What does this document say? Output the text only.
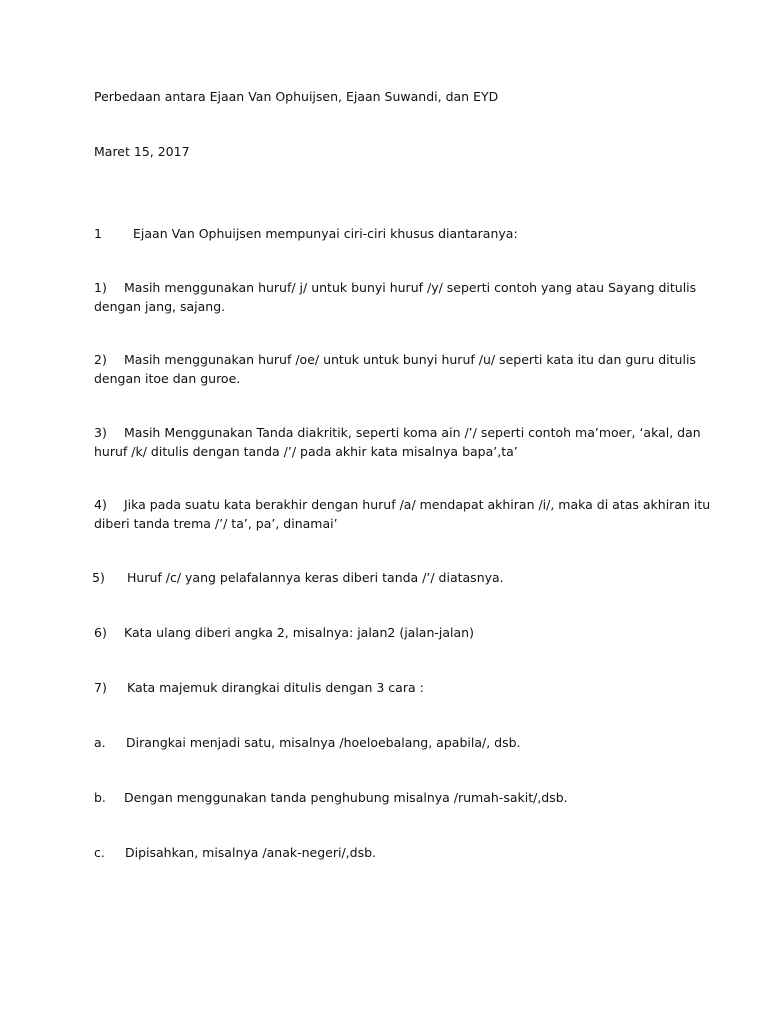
Perbedaan antara Ejaan Van Ophuijsen, Ejaan Suwandi, dan EYD
Maret 15, 2017
1 Ejaan Van Ophuijsen mempunyai ciri-ciri khusus diantaranya:
1) Masih menggunakan huruf/ j/ untuk bunyi huruf /y/ seperti contoh yang atau Sayang ditulis
dengan jang, sajang.
2) Masih menggunakan huruf /oe/ untuk untuk bunyi huruf /u/ seperti kata itu dan guru ditulis
dengan itoe dan guroe.
3) Masih Menggunakan Tanda diakritik, seperti koma ain /’/ seperti contoh ma’moer, ‘akal, dan
huruf /k/ ditulis dengan tanda /’/ pada akhir kata misalnya bapa’,ta’
4) Jika pada suatu kata berakhir dengan huruf /a/ mendapat akhiran /i/, maka di atas akhiran itu
diberi tanda trema /’/ ta’, pa’, dinamai’
5) Huruf /c/ yang pelafalannya keras diberi tanda /’/ diatasnya.
6) Kata ulang diberi angka 2, misalnya: jalan2 (jalan-jalan)
7) Kata majemuk dirangkai ditulis dengan 3 cara :
a. Dirangkai menjadi satu, misalnya /hoeloebalang, apabila/, dsb.
b. Dengan menggunakan tanda penghubung misalnya /rumah-sakit/,dsb.
c. Dipisahkan, misalnya /anak-negeri/,dsb.
